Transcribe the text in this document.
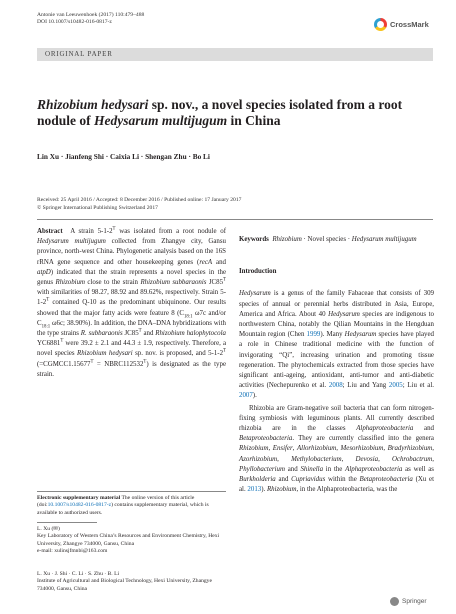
Antonie van Leeuwenhoek (2017) 110:479–488
DOI 10.1007/s10482-016-0817-z	CrossMark
ORIGINAL PAPER
Rhizobium hedysari sp. nov., a novel species isolated from a root nodule of Hedysarum multijugum in China
Lin Xu · Jianfeng Shi · Caixia Li · Shengan Zhu · Bo Li
Received: 25 April 2016 / Accepted: 8 December 2016 / Published online: 17 January 2017
© Springer International Publishing Switzerland 2017

Abstract A strain $5-1-2^T$ was isolated from a root nodule of Hedysarum multijugum collected from Zhangye city, Gansu province, north-west China. Phylogenetic analysis based on the 16S rRNA gene sequence and other housekeeping genes (recA and atpD) indicated that the strain represents a novel species in the genus Rhizobium close to the strain Rhizobium subbaraonis $JC85^T$ with similarities of 98.27, 88.92 and 89.62%, respectively. Strain $5-1-2^T$ contained Q-10 as the predominant ubiquinone. Our results showed that the major fatty acids were feature 8 ($C_{18:1}$ ω7c and/or $C_{18:1}$ ω6c; 38.90%). In addition, the DNA–DNA hybridizations with the type strains R. subbaraonis $JC85^T$ and Rhizobium halophytocola $YC6881^T$ were 39.2 ± 2.1 and 44.3 ± 1.9, respectively. Therefore, a novel species Rhizobium hedysari sp. nov. is proposed, and $5-1-2^T$ ($=CGMCC1.15677^T$ = $NBRC112532^T$) is designated as the type strain.

Electronic supplementary material The online version of this article (doi:10.1007/s10482-016-0817-z) contains supplementary material, which is available to authorized users.
L. Xu (✉)
Key Laboratory of Western China’s Resources and Environment Chemistry, Hexi University, Zhangye 734000, Gansu, China
e-mail: xulinsjfmnbi@163.com
L. Xu · J. Shi · C. Li · S. Zhu · B. Li
Institute of Agricultural and Biological Technology, Hexi University, Zhangye 734000, Gansu, China

Keywords Rhizobium · Novel species · Hedysarum multijugum

Introduction

Hedysarum is a genus of the family Fabaceae that consists of 309 species of annual or perennial herbs distributed in Asia, Europe, America and Africa. About 40 Hedysarum species are indigenous to northwestern China, notably the Qilian Mountains in the Hengduan Mountain region (Chen 1999). Many Hedysarum species have played a role in Chinese traditional medicine with the function of invigorating “Qi”, increasing urination and promoting tissue regeneration. The phytochemicals extracted from those species have significant anti-ageing, antioxidant, anti-tumor and anti-diabetic activities (Nechepurenko et al. 2008; Liu and Yang 2005; Liu et al. 2007).

Rhizobia are Gram-negative soil bacteria that can form nitrogen-fixing symbiosis with leguminous plants. All currently described rhizobia are in the classes Alphaproteobacteria and Betaproteobacteria. They are currently classified into the genera Rhizobium, Ensifer, Allorhizobium, Mesorhizobium, Bradyrhizobium, Azorhizobium, Methylobacterium, Devosia, Ochrobactrum, Phyllobacterium and Shinella in the Alphaproteobacteria as well as Burkholderia and Cupriavidus within the Betaproteobacteria (Xu et al. 2013). Rhizobium, in the Alphaproteobacteria, was the

Springer
